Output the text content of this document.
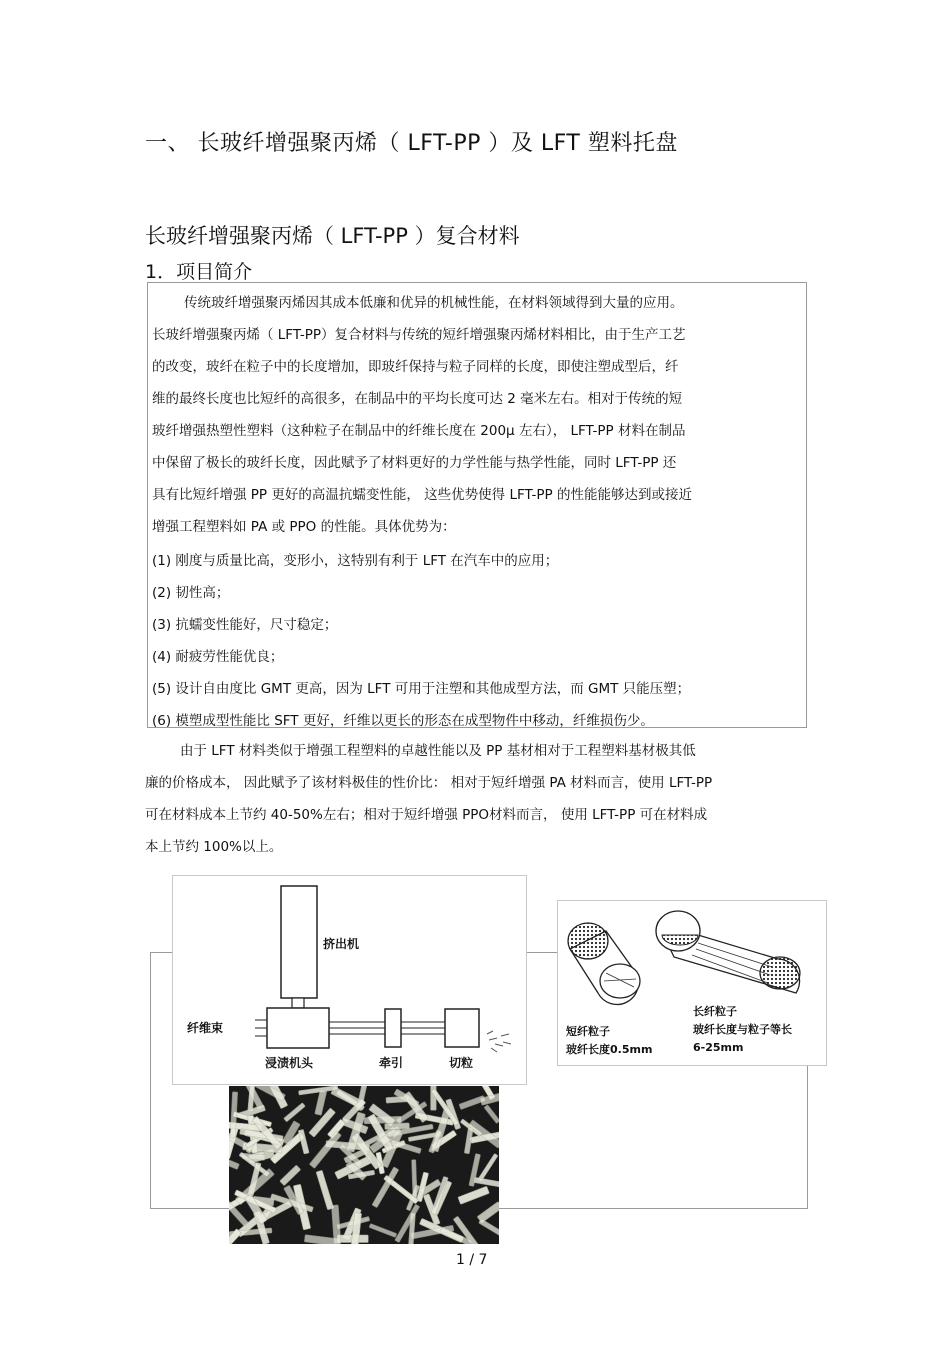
一、 长玻纤增强聚丙烯（ LFT-PP ）及 LFT 塑料托盘
长玻纤增强聚丙烯（ LFT-PP ）复合材料
1．项目简介
传统玻纤增强聚丙烯因其成本低廉和优异的机械性能，在材料领域得到大量的应用。
长玻纤增强聚丙烯（ LFT-PP）复合材料与传统的短纤增强聚丙烯材料相比，由于生产工艺
的改变，玻纤在粒子中的长度增加，即玻纤保持与粒子同样的长度，即使注塑成型后，纤
维的最终长度也比短纤的高很多，在制品中的平均长度可达 2 毫米左右。相对于传统的短
玻纤增强热塑性塑料（这种粒子在制品中的纤维长度在 200μ 左右）， LFT-PP 材料在制品
中保留了极长的玻纤长度，因此赋予了材料更好的力学性能与热学性能，同时 LFT-PP 还
具有比短纤增强 PP 更好的高温抗蠕变性能， 这些优势使得 LFT-PP 的性能能够达到或接近
增强工程塑料如 PA 或 PPO 的性能。具体优势为：
(1) 刚度与质量比高，变形小，这特别有利于 LFT 在汽车中的应用；
(2) 韧性高；
(3) 抗蠕变性能好，尺寸稳定；
(4) 耐疲劳性能优良；
(5) 设计自由度比 GMT 更高，因为 LFT 可用于注塑和其他成型方法，而 GMT 只能压塑；
(6) 模塑成型性能比 SFT 更好，纤维以更长的形态在成型物件中移动，纤维损伤少。
由于 LFT 材料类似于增强工程塑料的卓越性能以及 PP 基材相对于工程塑料基材极其低
廉的价格成本， 因此赋予了该材料极佳的性价比： 相对于短纤增强 PA 材料而言，使用 LFT-PP
可在材料成本上节约 40-50%左右；相对于短纤增强 PPO材料而言， 使用 LFT-PP 可在材料成
本上节约 100%以上。
挤出机
纤维束
浸渍机头	牵引	切粒
短纤粒子
玻纤长度0.5mm
长纤粒子
玻纤长度与粒子等长
6-25mm
1 / 7
